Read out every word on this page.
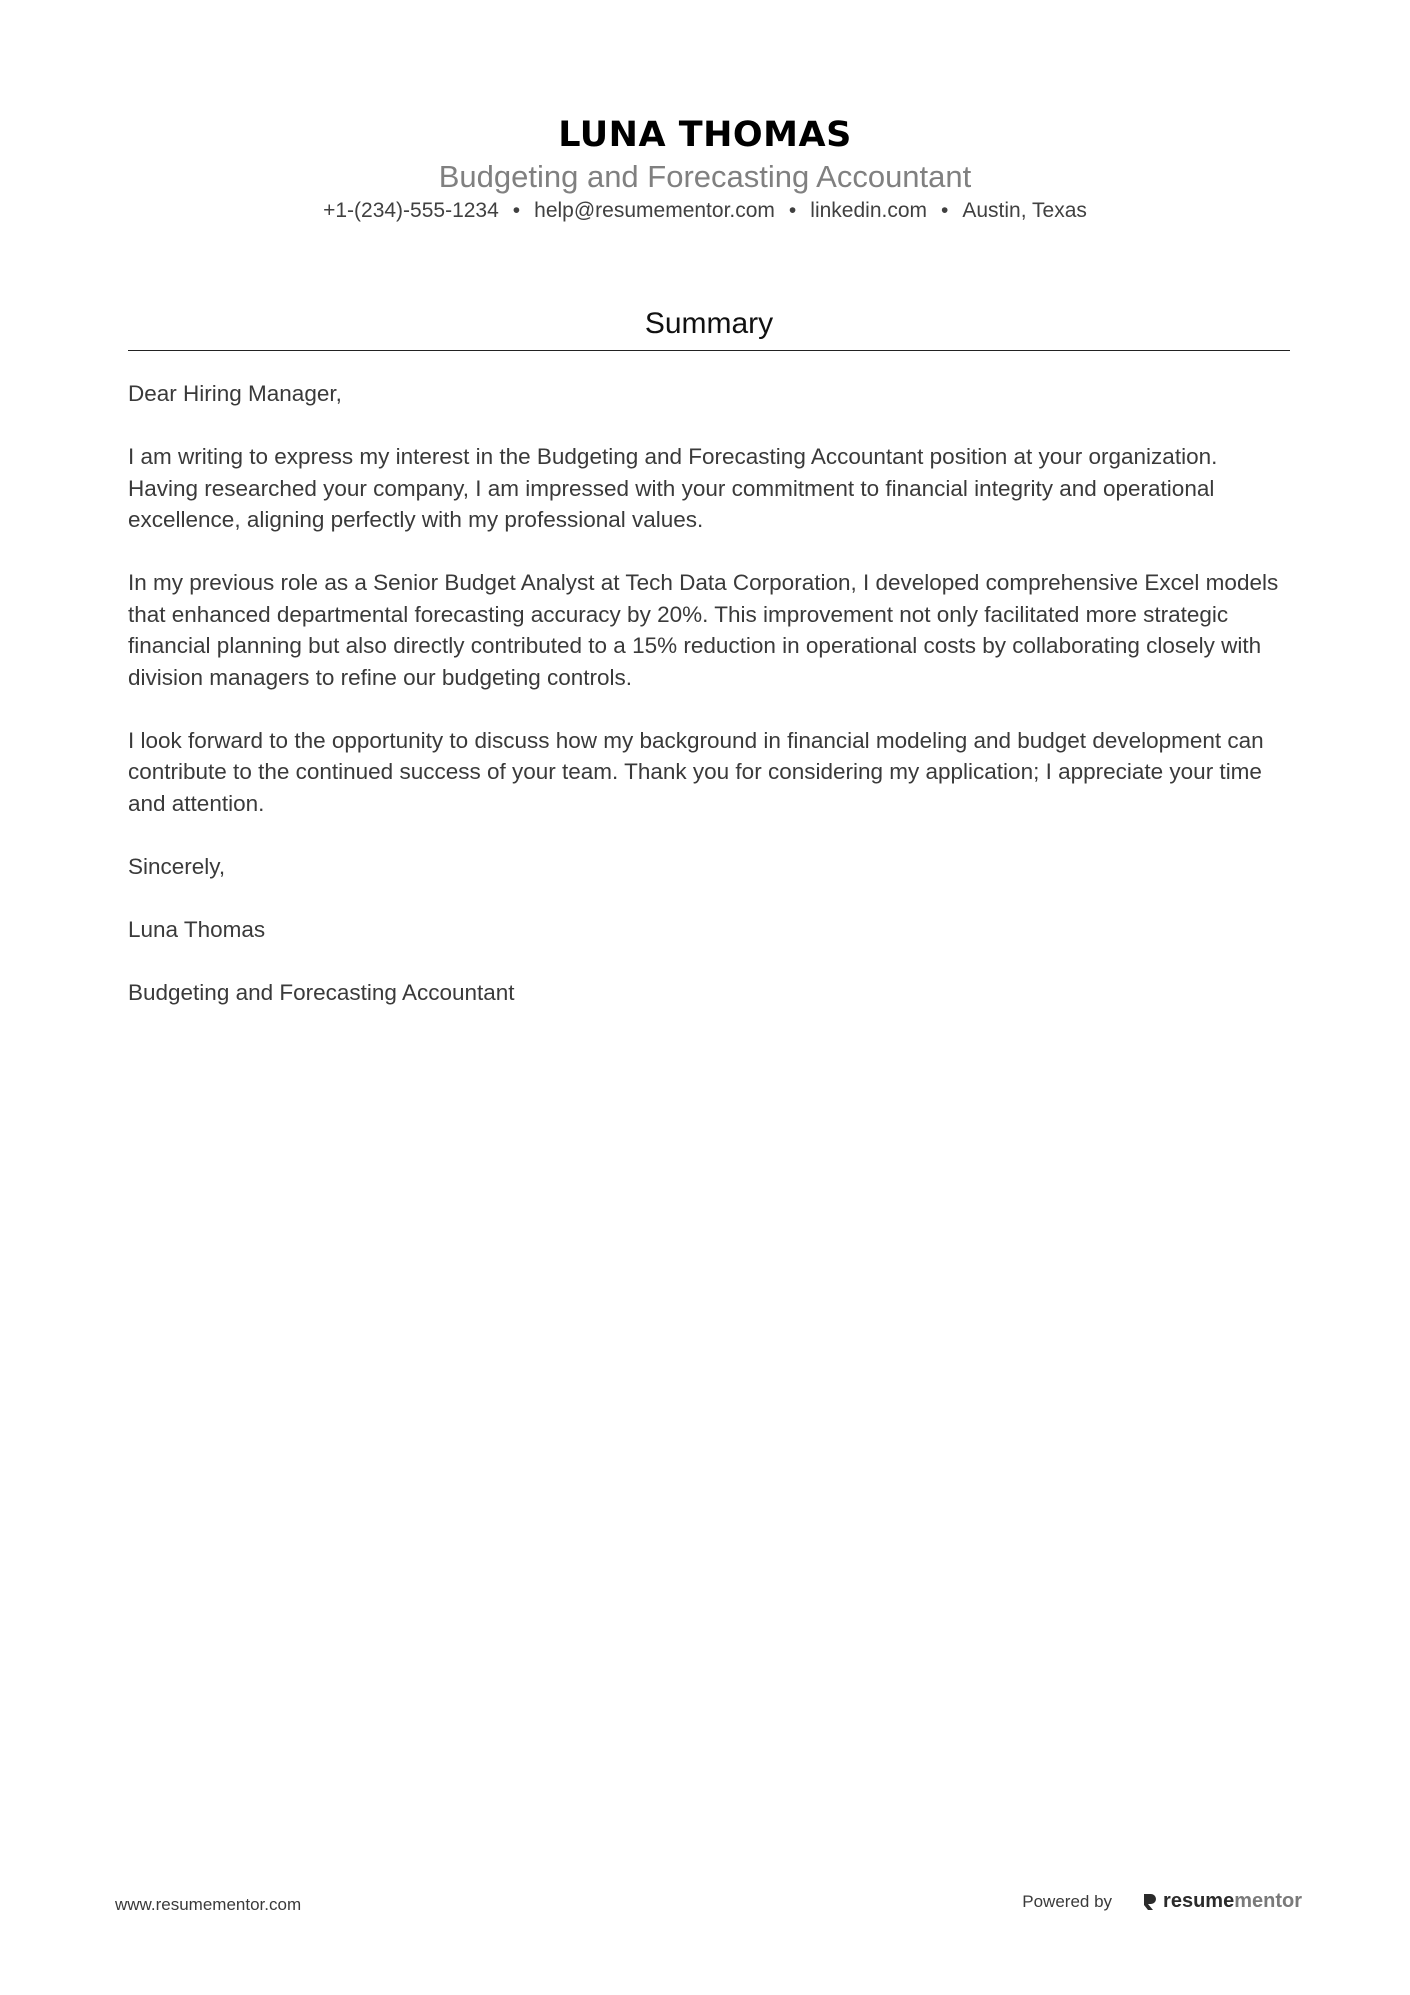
LUNA THOMAS
Budgeting and Forecasting Accountant
+1-(234)-555-1234 • help@resumementor.com • linkedin.com • Austin, Texas
Summary

Dear Hiring Manager,

I am writing to express my interest in the Budgeting and Forecasting Accountant position at your organization. Having researched your company, I am impressed with your commitment to financial integrity and operational excellence, aligning perfectly with my professional values.

In my previous role as a Senior Budget Analyst at Tech Data Corporation, I developed comprehensive Excel models that enhanced departmental forecasting accuracy by 20%. This improvement not only facilitated more strategic financial planning but also directly contributed to a 15% reduction in operational costs by collaborating closely with division managers to refine our budgeting controls.

I look forward to the opportunity to discuss how my background in financial modeling and budget development can contribute to the continued success of your team. Thank you for considering my application; I appreciate your time and attention.

Sincerely,

Luna Thomas

Budgeting and Forecasting Accountant

www.resumementor.com	Powered by	resume mentor
